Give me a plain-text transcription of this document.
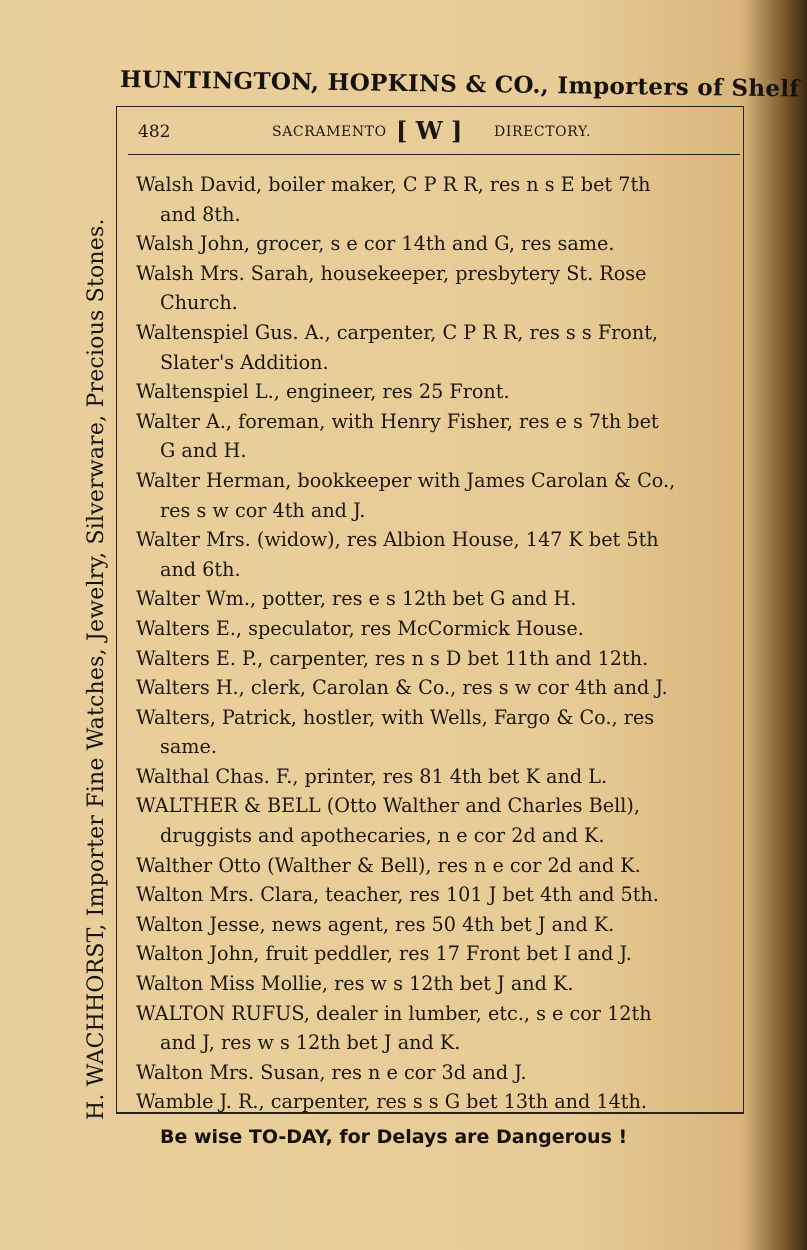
HUNTINGTON, HOPKINS & CO., Importers of Shelf
H. WACHHORST, Importer Fine Watches, Jewelry, Silverware, Precious Stones.
482	SACRAMENTO [ W ] DIRECTORY.
Walsh David, boiler maker, C P R R, res n s E bet 7th
and 8th.
Walsh John, grocer, s e cor 14th and G, res same.
Walsh Mrs. Sarah, housekeeper, presbytery St. Rose
Church.
Waltenspiel Gus. A., carpenter, C P R R, res s s Front,
Slater's Addition.
Waltenspiel L., engineer, res 25 Front.
Walter A., foreman, with Henry Fisher, res e s 7th bet
G and H.
Walter Herman, bookkeeper with James Carolan & Co.,
res s w cor 4th and J.
Walter Mrs. (widow), res Albion House, 147 K bet 5th
and 6th.
Walter Wm., potter, res e s 12th bet G and H.
Walters E., speculator, res McCormick House.
Walters E. P., carpenter, res n s D bet 11th and 12th.
Walters H., clerk, Carolan & Co., res s w cor 4th and J.
Walters, Patrick, hostler, with Wells, Fargo & Co., res
same.
Walthal Chas. F., printer, res 81 4th bet K and L.
WALTHER & BELL (Otto Walther and Charles Bell),
druggists and apothecaries, n e cor 2d and K.
Walther Otto (Walther & Bell), res n e cor 2d and K.
Walton Mrs. Clara, teacher, res 101 J bet 4th and 5th.
Walton Jesse, news agent, res 50 4th bet J and K.
Walton John, fruit peddler, res 17 Front bet I and J.
Walton Miss Mollie, res w s 12th bet J and K.
WALTON RUFUS, dealer in lumber, etc., s e cor 12th
and J, res w s 12th bet J and K.
Walton Mrs. Susan, res n e cor 3d and J.
Wamble J. R., carpenter, res s s G bet 13th and 14th.
Be wise TO-DAY, for Delays are Dangerous !
